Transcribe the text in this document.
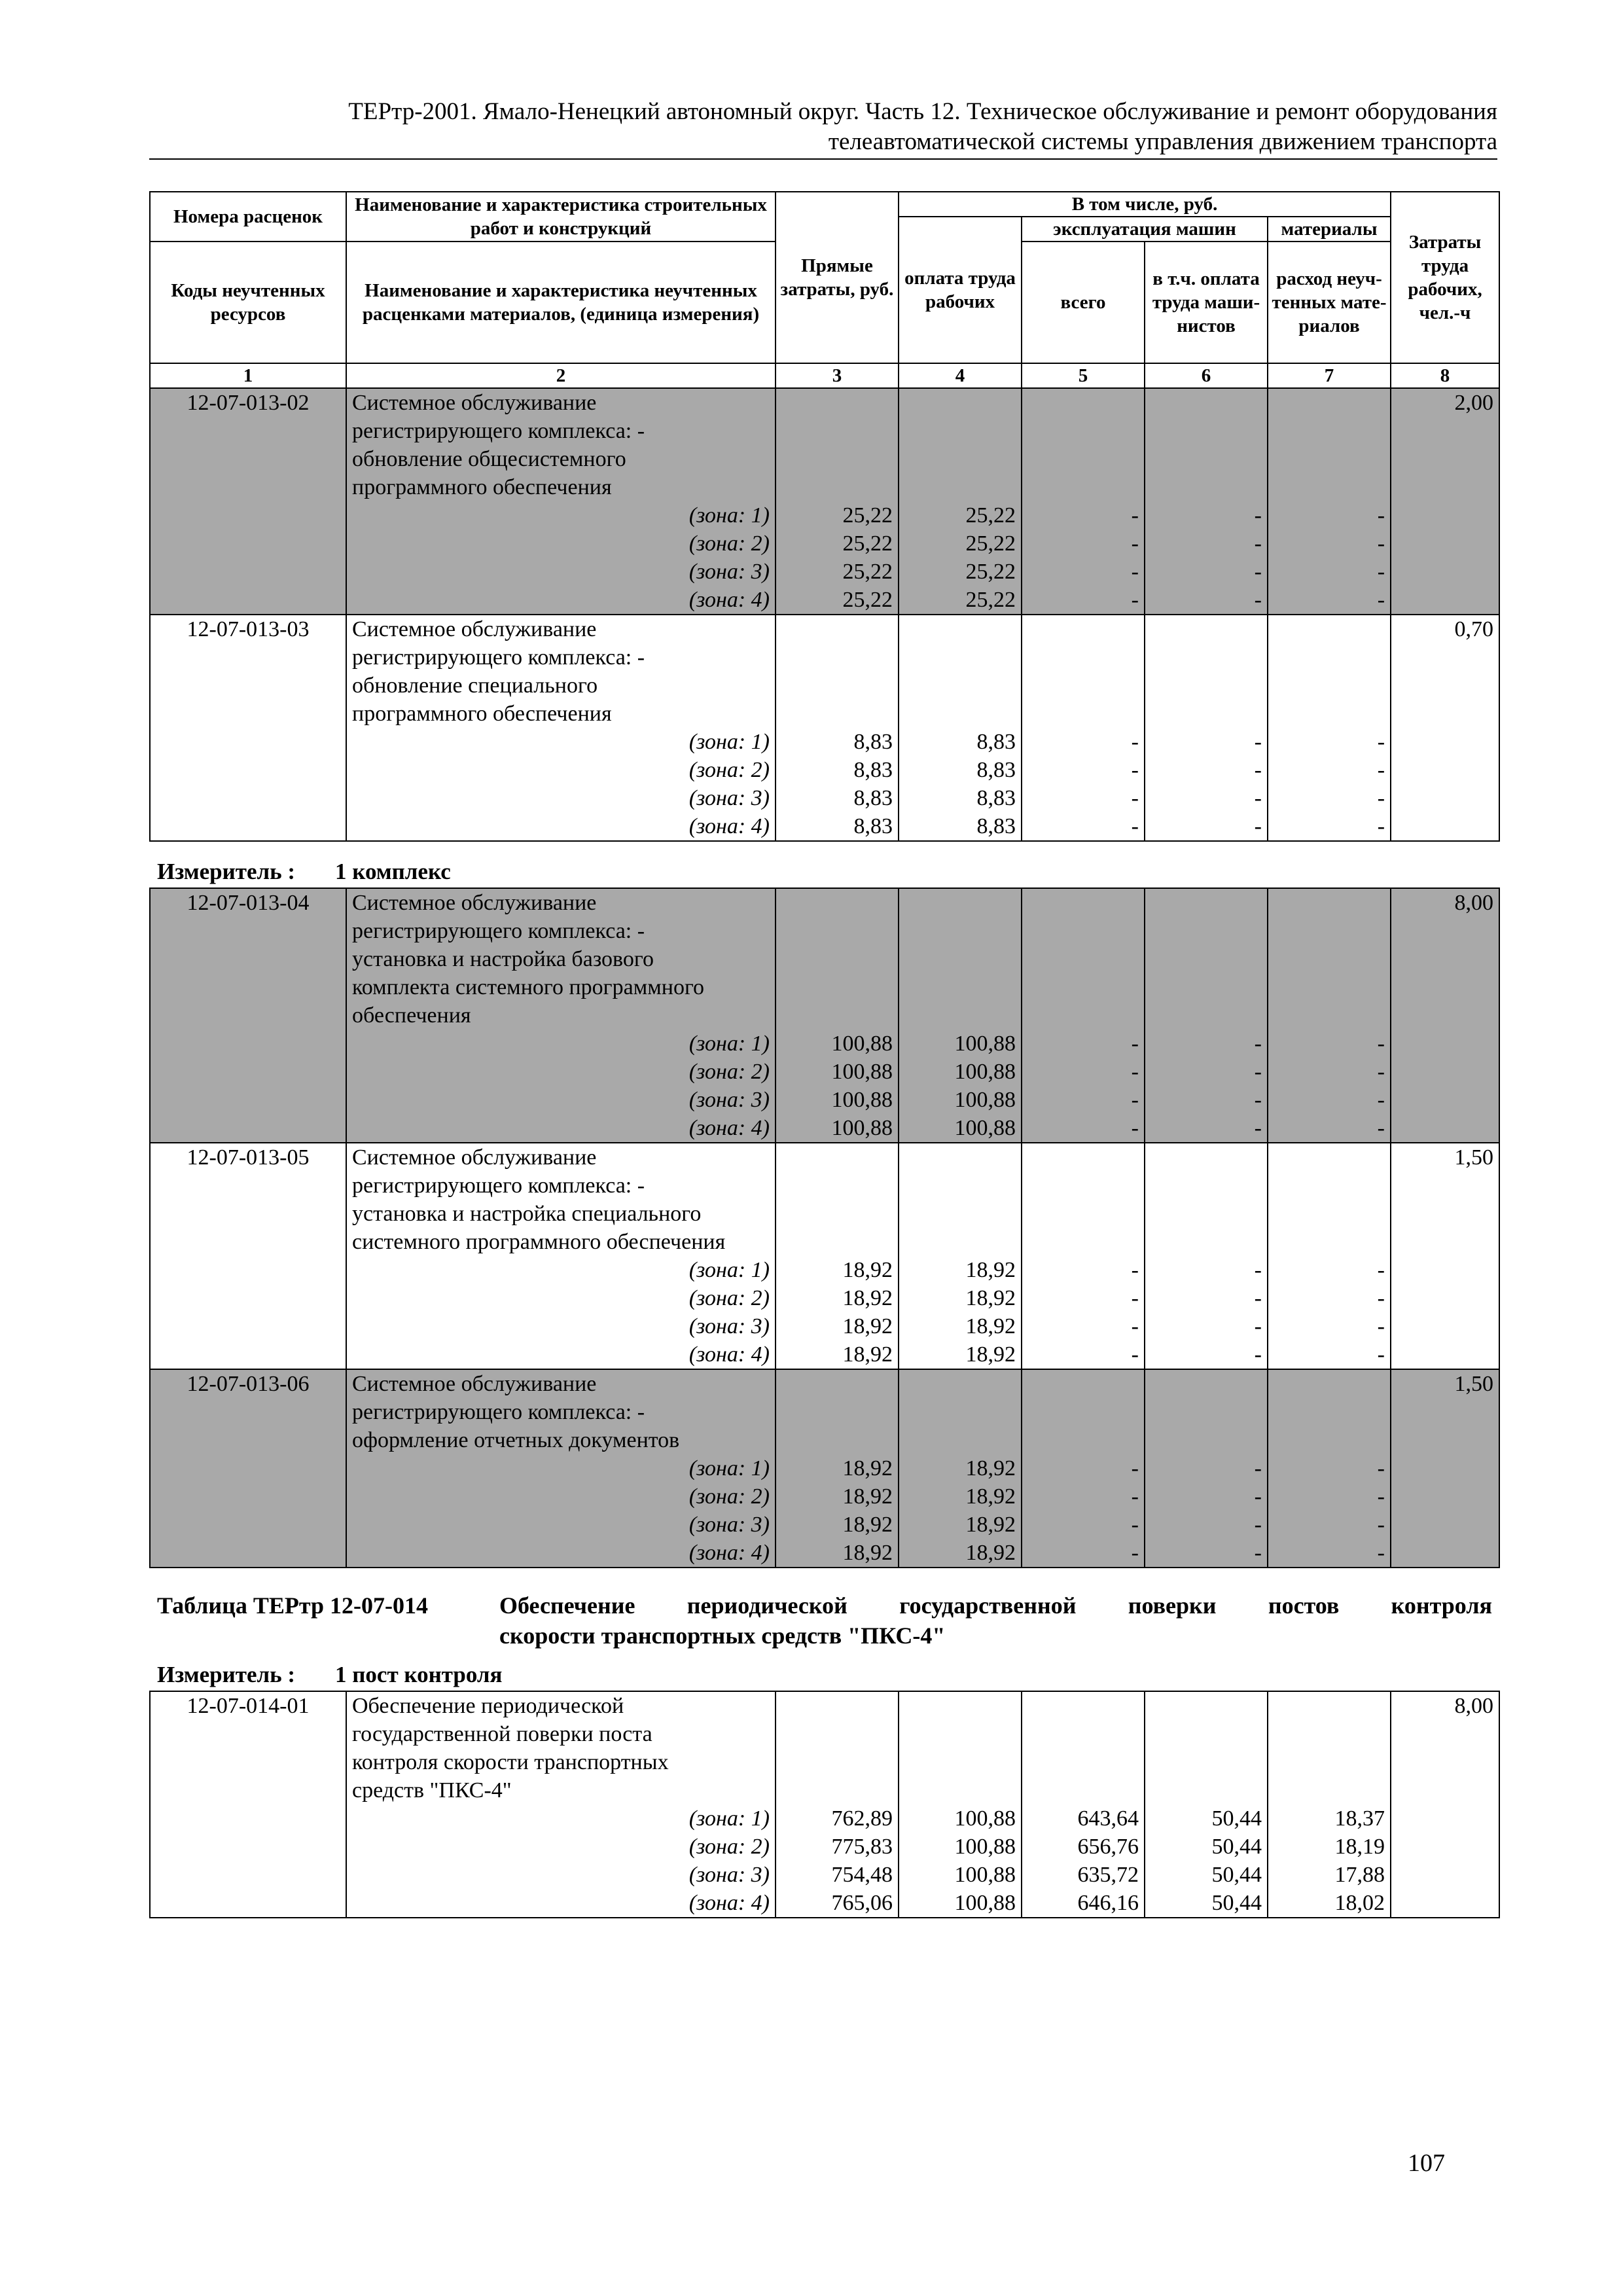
ТЕРтр-2001. Ямало-Ненецкий автономный округ. Часть 12. Техническое обслуживание и ремонт оборудования
телеавтоматической системы управления движением транспорта
Номера расценок	Наименование и характеристика строительных работ и конструкций	Прямые затраты, руб.	В том числе, руб.				Затраты труда рабочих, чел.-ч
			оплата труда рабочих	эксплуатация машин		материалы	
Коды неучтенных ресурсов	Наименование и характеристика неучтенных расценками материалов, (единица измерения)			всего	в т.ч. оплата труда маши-нистов	расход неуч-тенных мате-риалов	

1	2	3	4	5	6	7	8
12-07-013-02	Системное обслуживание						2,00
	регистрирующего комплекса: -						
	обновление общесистемного						
	программного обеспечения						
	(зона: 1)	25,22	25,22	-	-	-	
	(зона: 2)	25,22	25,22	-	-	-	
	(зона: 3)	25,22	25,22	-	-	-	
	(зона: 4)	25,22	25,22	-	-	-	
12-07-013-03	Системное обслуживание						0,70
	регистрирующего комплекса: -						
	обновление специального						
	программного обеспечения						
	(зона: 1)	8,83	8,83	-	-	-	
	(зона: 2)	8,83	8,83	-	-	-	
	(зона: 3)	8,83	8,83	-	-	-	
	(зона: 4)	8,83	8,83	-	-	-	
Измеритель : 1 комплекс
12-07-013-04	Системное обслуживание						8,00
	регистрирующего комплекса: -						
	установка и настройка базового						
	комплекта системного программного						
	обеспечения						
	(зона: 1)	100,88	100,88	-	-	-	
	(зона: 2)	100,88	100,88	-	-	-	
	(зона: 3)	100,88	100,88	-	-	-	
	(зона: 4)	100,88	100,88	-	-	-	
12-07-013-05	Системное обслуживание						1,50
	регистрирующего комплекса: -						
	установка и настройка специального						
	системного программного обеспечения						
	(зона: 1)	18,92	18,92	-	-	-	
	(зона: 2)	18,92	18,92	-	-	-	
	(зона: 3)	18,92	18,92	-	-	-	
	(зона: 4)	18,92	18,92	-	-	-	
12-07-013-06	Системное обслуживание						1,50
	регистрирующего комплекса: -						
	оформление отчетных документов						
	(зона: 1)	18,92	18,92	-	-	-	
	(зона: 2)	18,92	18,92	-	-	-	
	(зона: 3)	18,92	18,92	-	-	-	
	(зона: 4)	18,92	18,92	-	-	-	
Таблица ТЕРтр 12-07-014	Обеспечение периодической государственной поверки постов контроля
скорости транспортных средств "ПКС-4"
Измеритель : 1 пост контроля
12-07-014-01	Обеспечение периодической						8,00
	государственной поверки поста						
	контроля скорости транспортных						
	средств "ПКС-4"						
	(зона: 1)	762,89	100,88	643,64	50,44	18,37	
	(зона: 2)	775,83	100,88	656,76	50,44	18,19	
	(зона: 3)	754,48	100,88	635,72	50,44	17,88	
	(зона: 4)	765,06	100,88	646,16	50,44	18,02	
107
